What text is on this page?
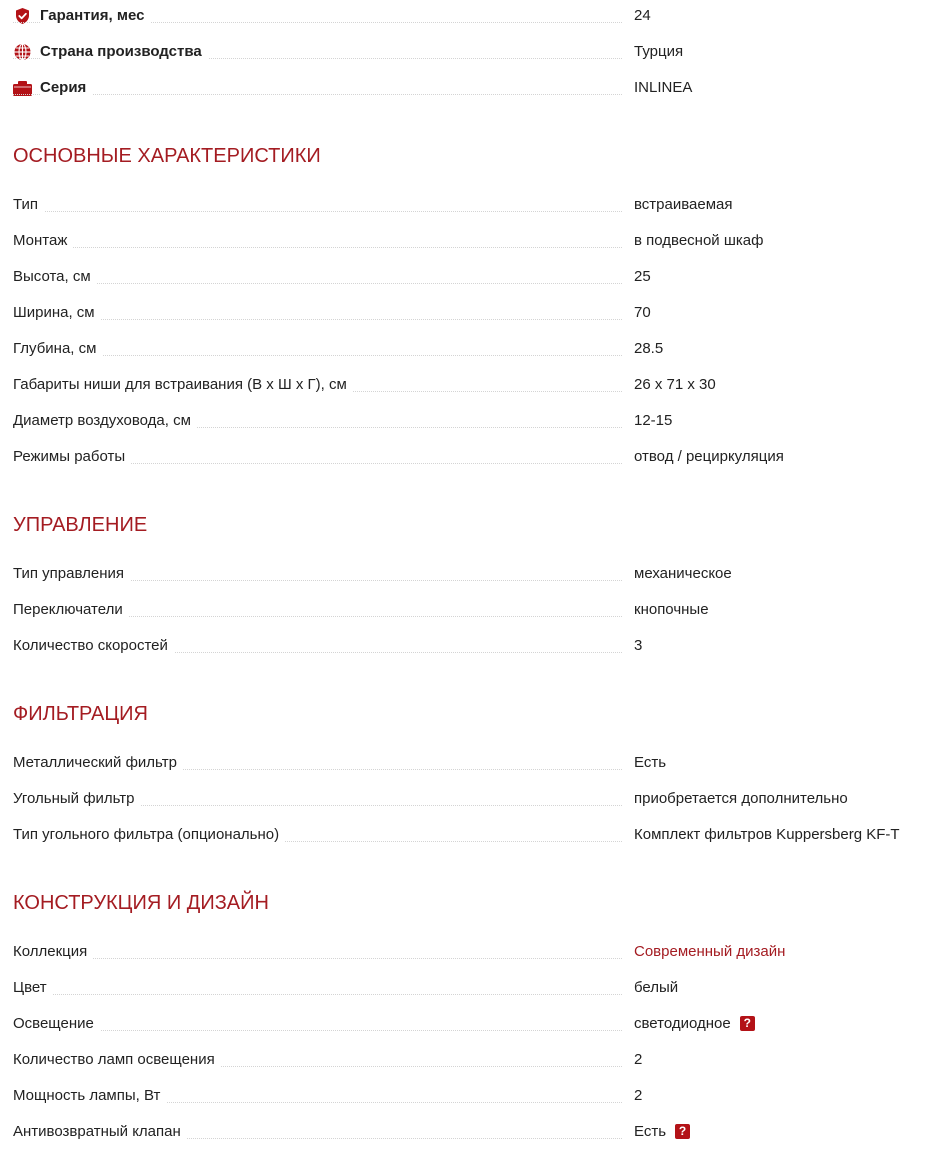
Гарантия, мес	24
Страна производства	Турция
Серия	INLINEA
ОСНОВНЫЕ ХАРАКТЕРИСТИКИ
Тип	встраиваемая
Монтаж	в подвесной шкаф
Высота, см	25
Ширина, см	70
Глубина, см	28.5
Габариты ниши для встраивания (В х Ш х Г), см	26 х 71 х 30
Диаметр воздуховода, см	12-15
Режимы работы	отвод / рециркуляция
УПРАВЛЕНИЕ
Тип управления	механическое
Переключатели	кнопочные
Количество скоростей	3
ФИЛЬТРАЦИЯ
Металлический фильтр	Есть
Угольный фильтр	приобретается дополнительно
Тип угольного фильтра (опционально)	Комплект фильтров Kuppersberg KF-T
КОНСТРУКЦИЯ И ДИЗАЙН
Коллекция	Современный дизайн
Цвет	белый
Освещение	светодиодное ?
Количество ламп освещения	2
Мощность лампы, Вт	2
Антивозвратный клапан	Есть ?
